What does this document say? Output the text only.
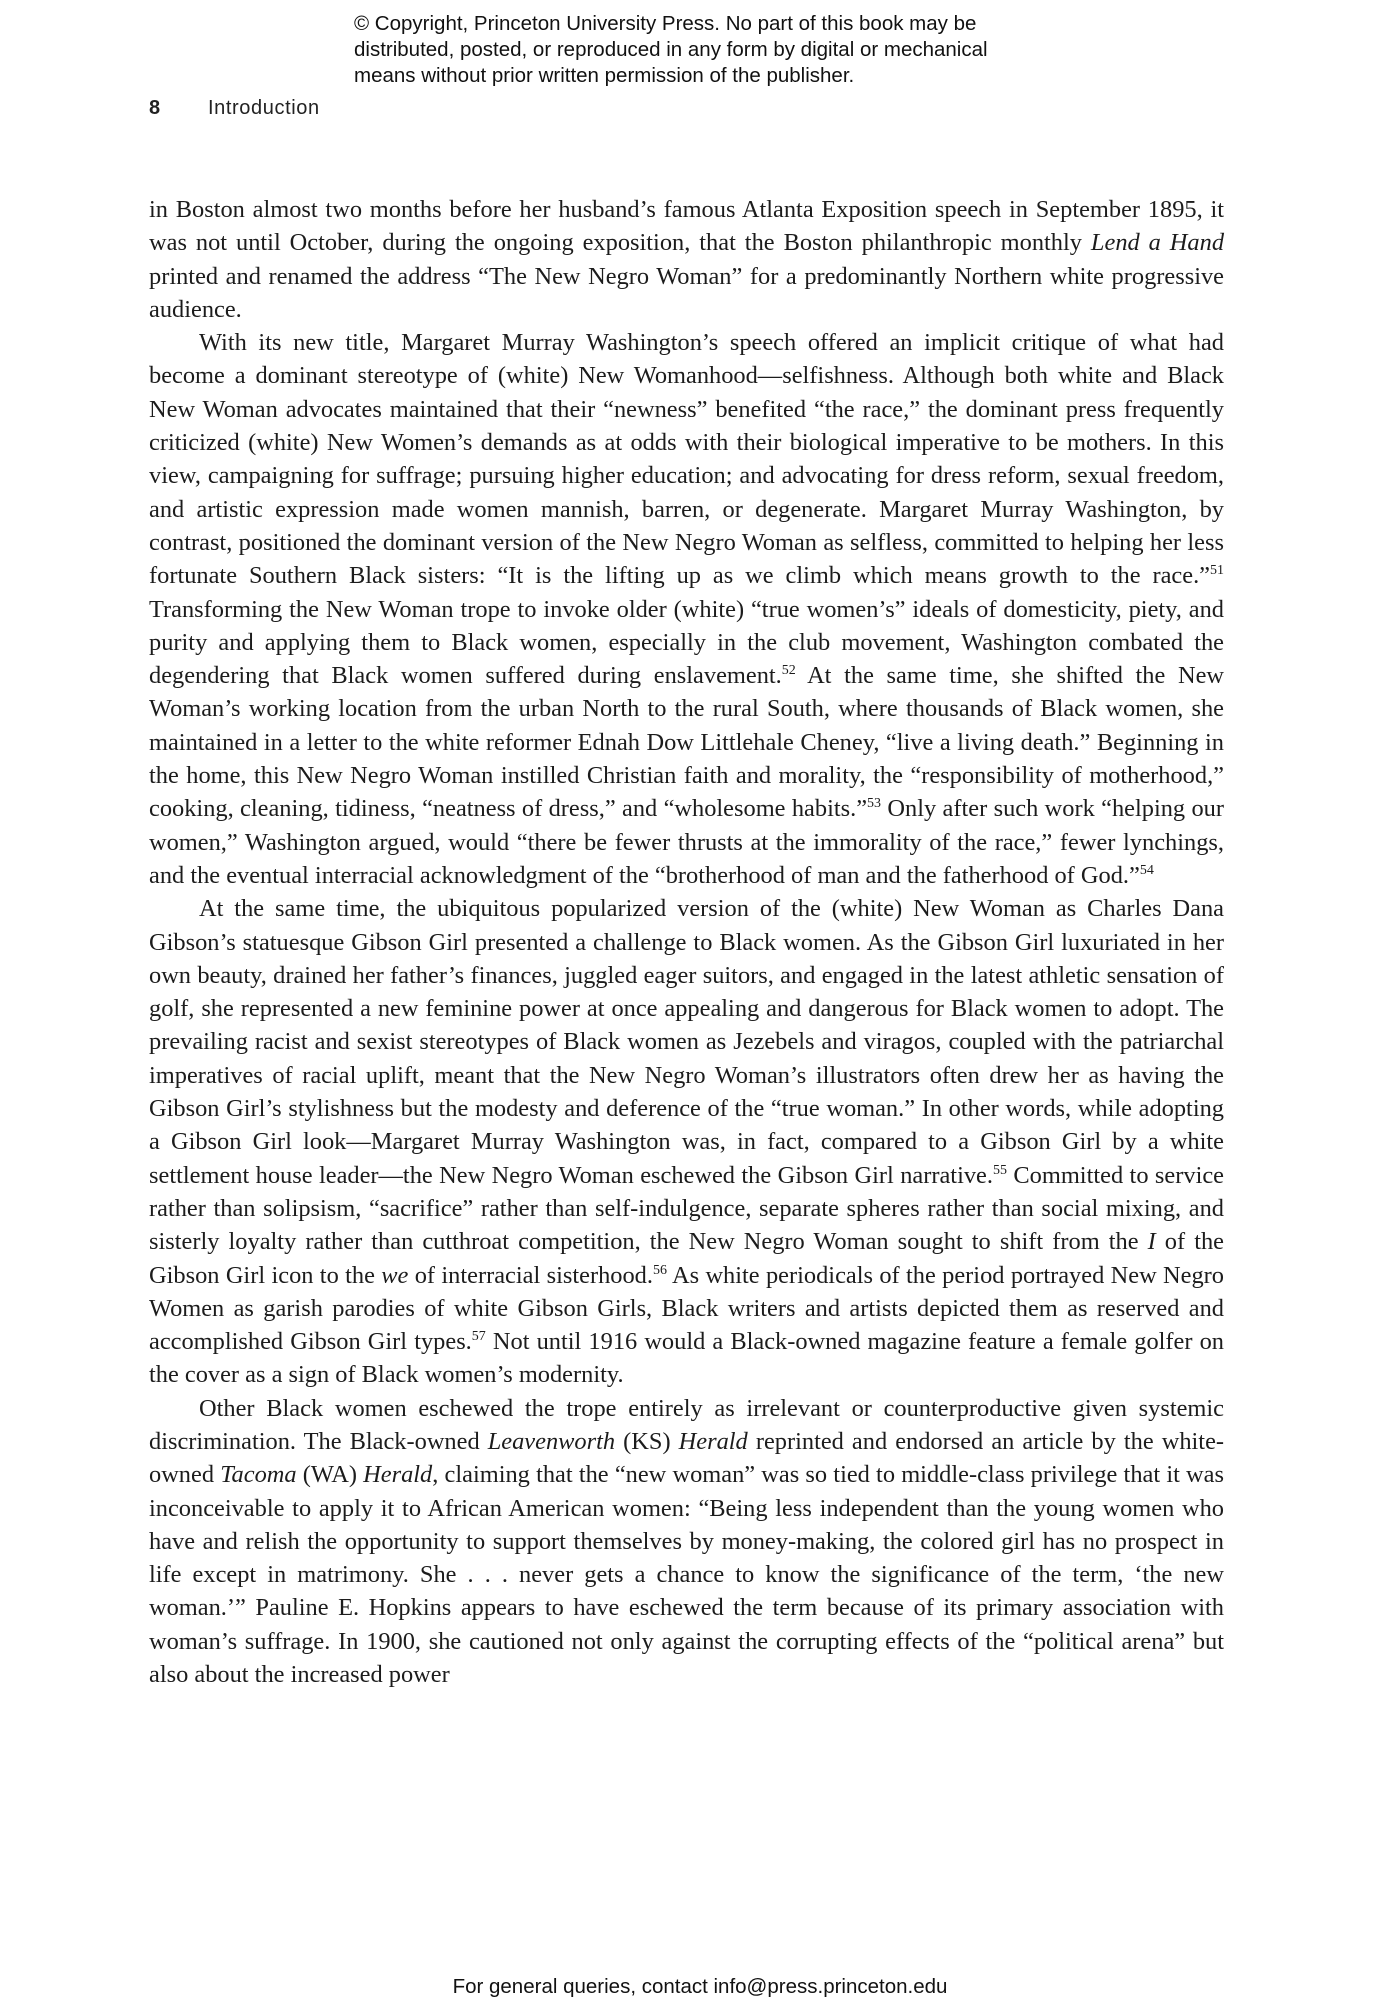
© Copyright, Princeton University Press. No part of this book may be
distributed, posted, or reproduced in any form by digital or mechanical
means without prior written permission of the publisher.
8 Introduction

in Boston almost two months before her husband’s famous Atlanta Exposition speech in September 1895, it was not until October, during the ongoing exposition, that the Boston philanthropic monthly Lend a Hand printed and renamed the address “The New Negro Woman” for a predominantly Northern white progressive audience.

With its new title, Margaret Murray Washington’s speech offered an implicit critique of what had become a dominant stereotype of (white) New Womanhood—selfishness. Although both white and Black New Woman advocates maintained that their “newness” benefited “the race,” the dominant press frequently criticized (white) New Women’s demands as at odds with their biological imperative to be mothers. In this view, campaigning for suffrage; pursuing higher education; and advocating for dress reform, sexual freedom, and artistic expression made women mannish, barren, or degenerate. Margaret Murray Washington, by contrast, positioned the dominant version of the New Negro Woman as selfless, committed to helping her less fortunate Southern Black sisters: “It is the lifting up as we climb which means growth to the race.”$^{51}$ Transforming the New Woman trope to invoke older (white) “true women’s” ideals of domesticity, piety, and purity and applying them to Black women, especially in the club movement, Washington combated the degendering that Black women suffered during enslavement.$^{52}$ At the same time, she shifted the New Woman’s working location from the urban North to the rural South, where thousands of Black women, she maintained in a letter to the white reformer Ednah Dow Littlehale Cheney, “live a living death.” Beginning in the home, this New Negro Woman instilled Christian faith and morality, the “responsibility of motherhood,” cooking, cleaning, tidiness, “neatness of dress,” and “wholesome habits.”$^{53}$ Only after such work “helping our women,” Washington argued, would “there be fewer thrusts at the immorality of the race,” fewer lynchings, and the eventual interracial acknowledgment of the “brotherhood of man and the fatherhood of God.”$^{54}$

At the same time, the ubiquitous popularized version of the (white) New Woman as Charles Dana Gibson’s statuesque Gibson Girl presented a challenge to Black women. As the Gibson Girl luxuriated in her own beauty, drained her father’s finances, juggled eager suitors, and engaged in the latest athletic sensation of golf, she represented a new feminine power at once appealing and dangerous for Black women to adopt. The prevailing racist and sexist stereotypes of Black women as Jezebels and viragos, coupled with the patriarchal imperatives of racial uplift, meant that the New Negro Woman’s illustrators often drew her as having the Gibson Girl’s stylishness but the modesty and deference of the “true woman.” In other words, while adopting a Gibson Girl look—Margaret Murray Washington was, in fact, compared to a Gibson Girl by a white settlement house leader—the New Negro Woman eschewed the Gibson Girl narrative.$^{55}$ Committed to service rather than solipsism, “sacrifice” rather than self-indulgence, separate spheres rather than social mixing, and sisterly loyalty rather than cutthroat competition, the New Negro Woman sought to shift from the I of the Gibson Girl icon to the we of interracial sisterhood.$^{56}$ As white periodicals of the period portrayed New Negro Women as garish parodies of white Gibson Girls, Black writers and artists depicted them as reserved and accomplished Gibson Girl types.$^{57}$ Not until 1916 would a Black-owned magazine feature a female golfer on the cover as a sign of Black women’s modernity.

Other Black women eschewed the trope entirely as irrelevant or counterproductive given systemic discrimination. The Black-owned Leavenworth (KS) Herald reprinted and endorsed an article by the white-owned Tacoma (WA) Herald, claiming that the “new woman” was so tied to middle-class privilege that it was inconceivable to apply it to African American women: “Being less independent than the young women who have and relish the opportunity to support themselves by money-making, the colored girl has no prospect in life except in matrimony. She . . . never gets a chance to know the significance of the term, ‘the new woman.’” Pauline E. Hopkins appears to have eschewed the term because of its primary association with woman’s suffrage. In 1900, she cautioned not only against the corrupting effects of the “political arena” but also about the increased power

For general queries, contact info@press.princeton.edu
